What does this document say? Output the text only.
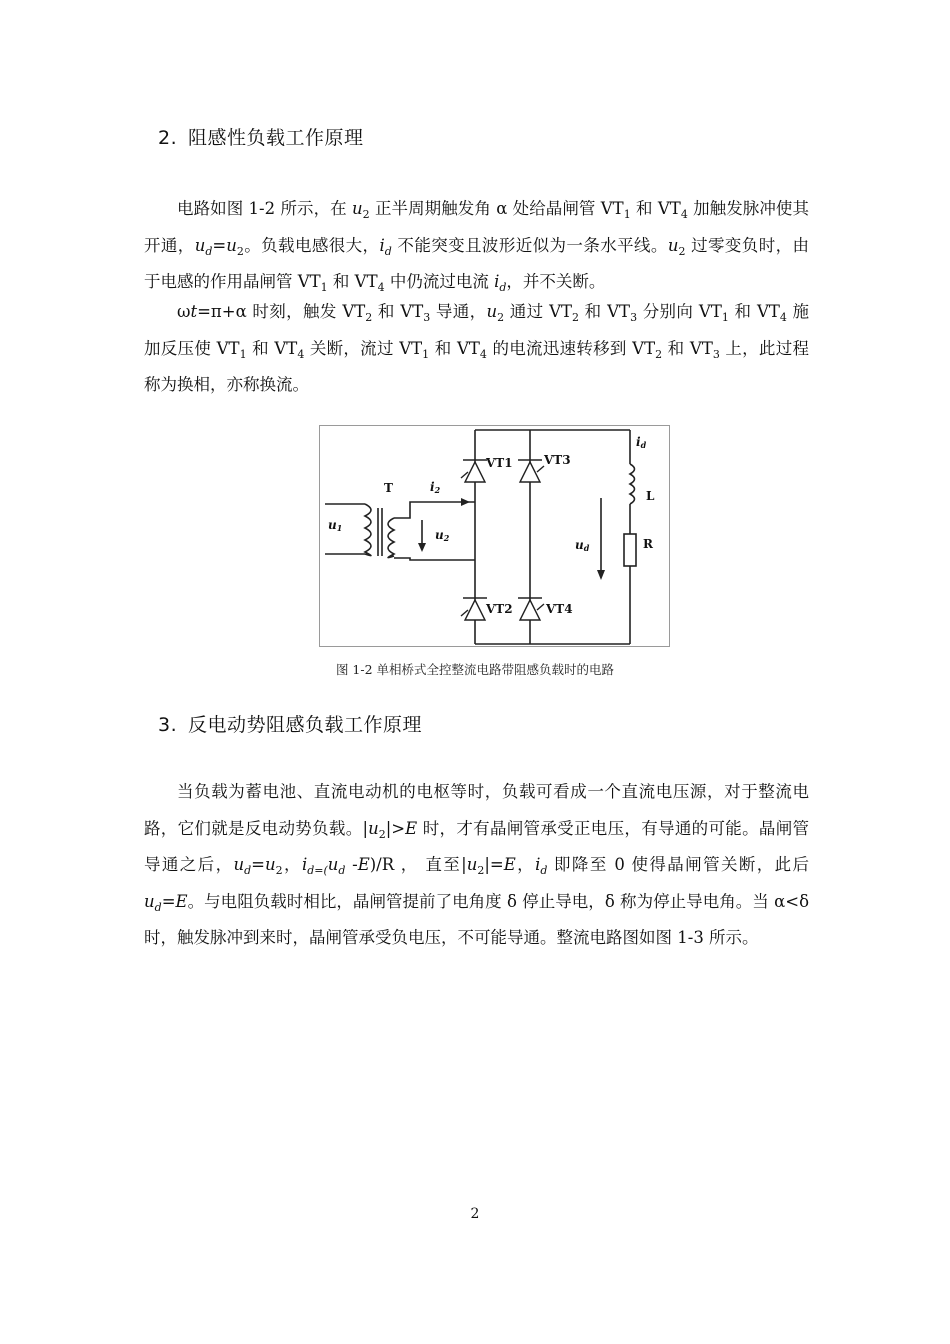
2. 阻感性负载工作原理
电路如图 1-2 所示，在 $u_2$ 正半周期触发角 α 处给晶闸管 $VT_1$ 和 $VT_4$ 加触发脉冲使其开通，$u_d=u_2$。负载电感很大，$i_d$ 不能突变且波形近似为一条水平线。$u_2$ 过零变负时，由于电感的作用晶闸管 $VT_1$ 和 $VT_4$ 中仍流过电流 $i_d$，并不关断。
ωt=π+α 时刻，触发 $VT_2$ 和 $VT_3$ 导通，$u_2$ 通过 $VT_2$ 和 $VT_3$ 分别向 $VT_1$ 和 $VT_4$ 施加反压使 $VT_1$ 和 $VT_4$ 关断，流过 $VT_1$ 和 $VT_4$ 的电流迅速转移到 $VT_2$ 和 $VT_3$ 上，此过程称为换相，亦称换流。
VT1	VT3
VT2	VT4
T
L
R
i2
u1	u2	ud
id
图 1-2 单相桥式全控整流电路带阻感负载时的电路
3. 反电动势阻感负载工作原理
当负载为蓄电池、直流电动机的电枢等时，负载可看成一个直流电压源，对于整流电路，它们就是反电动势负载。$|u_2|>E$ 时，才有晶闸管承受正电压，有导通的可能。晶闸管导通之后，$u_d=u_2$，$i_{d=(}u_d$ -E)/R ， 直至$|u_2|=E$，$i_d$ 即降至 0 使得晶闸管关断，此后 $u_d=E$。与电阻负载时相比，晶闸管提前了电角度 δ 停止导电，δ 称为停止导电角。当 α<δ 时，触发脉冲到来时，晶闸管承受负电压，不可能导通。整流电路图如图 1-3 所示。
2
